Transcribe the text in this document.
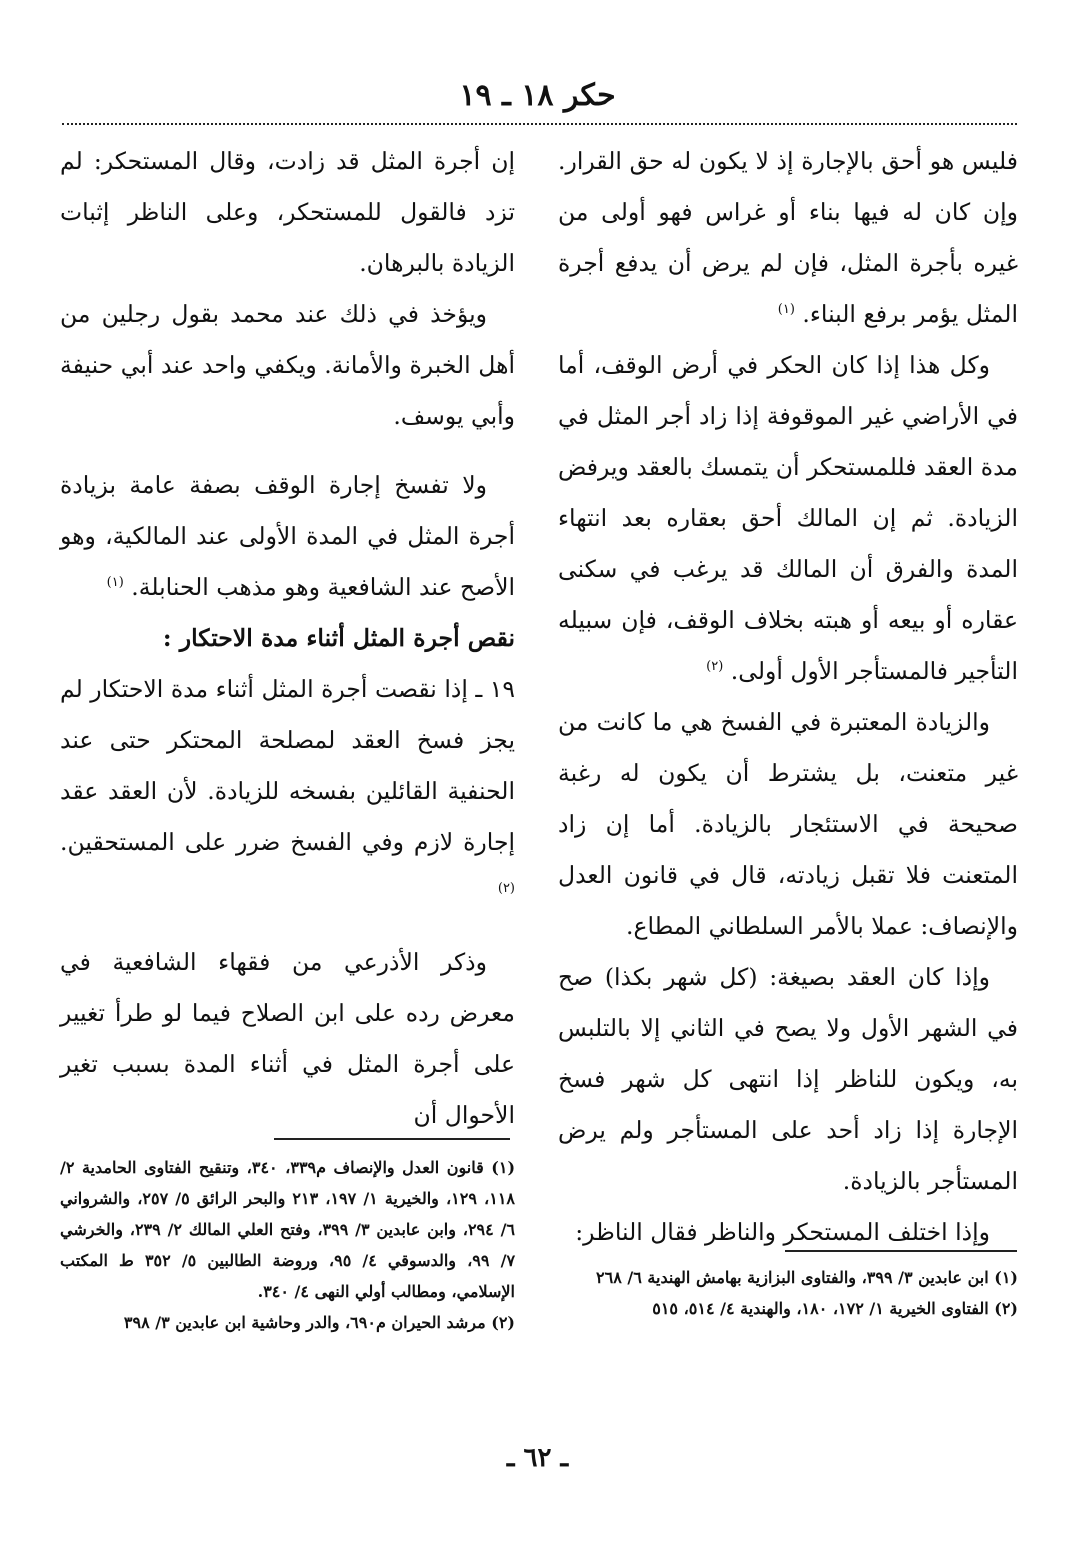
حكر ١٨ ـ ١٩

فليس هو أحق بالإجارة إذ لا يكون له حق القرار. وإن كان له فيها بناء أو غراس فهو أولى من غيره بأجرة المثل، فإن لم يرض أن يدفع أجرة المثل يؤمر برفع البناء. $^{(١)}$

وكل هذا إذا كان الحكر في أرض الوقف، أما في الأراضي غير الموقوفة إذا زاد أجر المثل في مدة العقد فللمستحكر أن يتمسك بالعقد ويرفض الزيادة. ثم إن المالك أحق بعقاره بعد انتهاء المدة والفرق أن المالك قد يرغب في سكنى عقاره أو بيعه أو هبته بخلاف الوقف، فإن سبيله التأجير فالمستأجر الأول أولى. $^{(٢)}$

والزيادة المعتبرة في الفسخ هي ما كانت من غير متعنت، بل يشترط أن يكون له رغبة صحيحة في الاستئجار بالزيادة. أما إن زاد المتعنت فلا تقبل زيادته، قال في قانون العدل والإنصاف: عملا بالأمر السلطاني المطاع.

وإذا كان العقد بصيغة: (كل شهر بكذا) صح في الشهر الأول ولا يصح في الثاني إلا بالتلبس به، ويكون للناظر إذا انتهى كل شهر فسخ الإجارة إذا زاد أحد على المستأجر ولم يرض المستأجر بالزيادة.

وإذا اختلف المستحكر والناظر فقال الناظر:

إن أجرة المثل قد زادت، وقال المستحكر: لم تزد فالقول للمستحكر، وعلى الناظر إثبات الزيادة بالبرهان.

ويؤخذ في ذلك عند محمد بقول رجلين من أهل الخبرة والأمانة. ويكفي واحد عند أبي حنيفة وأبي يوسف.

ولا تفسخ إجارة الوقف بصفة عامة بزيادة أجرة المثل في المدة الأولى عند المالكية، وهو الأصح عند الشافعية وهو مذهب الحنابلة. $^{(١)}$

نقص أجرة المثل أثناء مدة الاحتكار :

١٩ ـ إذا نقصت أجرة المثل أثناء مدة الاحتكار لم يجز فسخ العقد لمصلحة المحتكر حتى عند الحنفية القائلين بفسخه للزيادة. لأن العقد عقد إجارة لازم وفي الفسخ ضرر على المستحقين. $^{(٢)}$

وذكر الأذرعي من فقهاء الشافعية في معرض رده على ابن الصلاح فيما لو طرأ تغيير على أجرة المثل في أثناء المدة بسبب تغير الأحوال أن

(١) ابن عابدين ٣/ ٣٩٩، والفتاوى البزازية بهامش الهندية ٦/ ٢٦٨

(٢) الفتاوى الخيرية ١/ ١٧٢، ١٨٠، والهندية ٤/ ٥١٤، ٥١٥

(١) قانون العدل والإنصاف م٣٣٩، ٣٤٠، وتنقيح الفتاوى الحامدية ٢/ ١١٨، ١٢٩، والخيرية ١/ ١٩٧، ٢١٣ والبحر الرائق ٥/ ٢٥٧، والشرواني ٦/ ٢٩٤، وابن عابدين ٣/ ٣٩٩، وفتح العلي المالك ٢/ ٢٣٩، والخرشي ٧/ ٩٩، والدسوقي ٤/ ٩٥، وروضة الطالبين ٥/ ٣٥٢ ط المكتب الإسلامي، ومطالب أولي النهى ٤/ ٣٤٠.

(٢) مرشد الحيران م٦٩٠، والدر وحاشية ابن عابدين ٣/ ٣٩٨

ـ ٦٢ ـ
